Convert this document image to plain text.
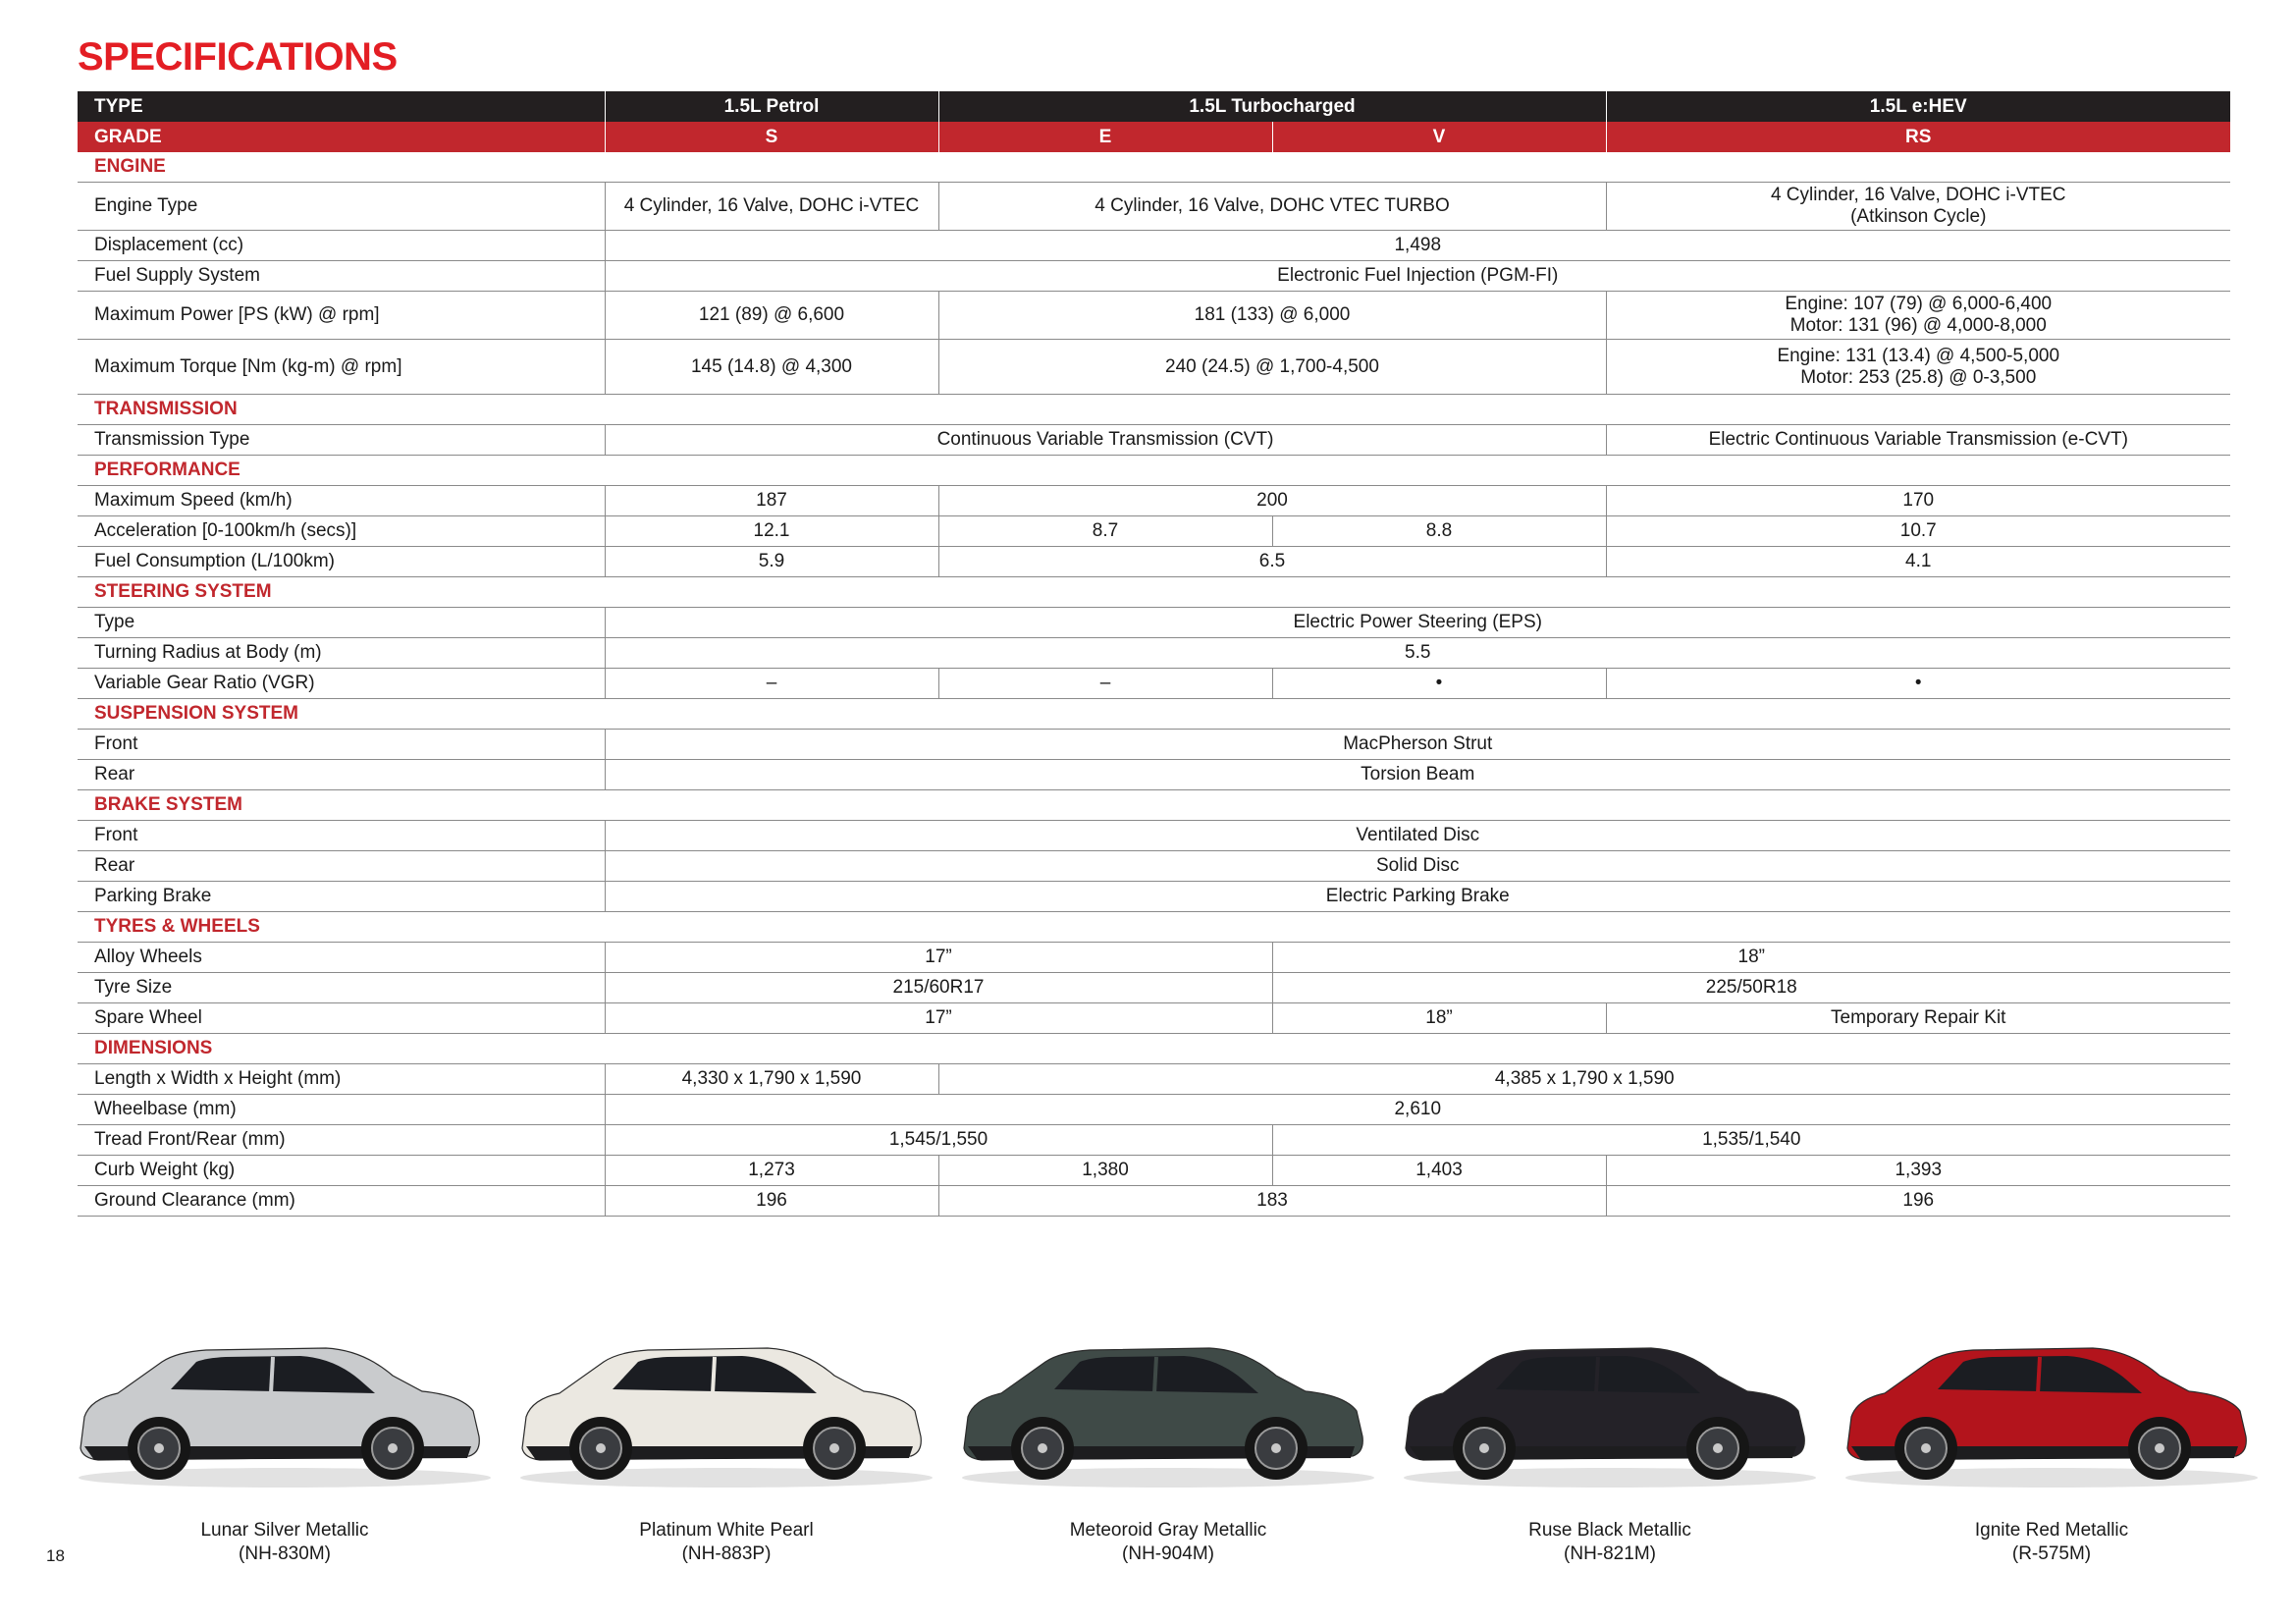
SPECIFICATIONS
TYPE	1.5L Petrol	1.5L Turbocharged		1.5L e:HEV
GRADE	S	E	V	RS
ENGINE				
Engine Type	4 Cylinder, 16 Valve, DOHC i-VTEC	4 Cylinder, 16 Valve, DOHC VTEC TURBO		4 Cylinder, 16 Valve, DOHC i-VTEC
(Atkinson Cycle)

Displacement (cc)	1,498			
Fuel Supply System	Electronic Fuel Injection (PGM-FI)			
Maximum Power [PS (kW) @ rpm]	121 (89) @ 6,600	181 (133) @ 6,000		Engine: 107 (79) @ 6,000-6,400
Motor: 131 (96) @ 4,000-8,000

Maximum Torque [Nm (kg-m) @ rpm]	145 (14.8) @ 4,300	240 (24.5) @ 1,700-4,500		Engine: 131 (13.4) @ 4,500-5,000
Motor: 253 (25.8) @ 0-3,500

TRANSMISSION				
Transmission Type	Continuous Variable Transmission (CVT)			Electric Continuous Variable Transmission (e-CVT)
PERFORMANCE				
Maximum Speed (km/h)	187	200		170
Acceleration [0-100km/h (secs)]	12.1	8.7	8.8	10.7
Fuel Consumption (L/100km)	5.9	6.5		4.1
STEERING SYSTEM				
Type	Electric Power Steering (EPS)			
Turning Radius at Body (m)	5.5			
Variable Gear Ratio (VGR)	–	–	•	•
SUSPENSION SYSTEM				
Front	MacPherson Strut			
Rear	Torsion Beam			
BRAKE SYSTEM				
Front	Ventilated Disc			
Rear	Solid Disc			
Parking Brake	Electric Parking Brake			
TYRES & WHEELS				
Alloy Wheels	17”		18”	
Tyre Size	215/60R17		225/50R18	
Spare Wheel	17”		18”	Temporary Repair Kit
DIMENSIONS				
Length x Width x Height (mm)	4,330 x 1,790 x 1,590	4,385 x 1,790 x 1,590		
Wheelbase (mm)	2,610			
Tread Front/Rear (mm)	1,545/1,550		1,535/1,540	
Curb Weight (kg)	1,273	1,380	1,403	1,393
Ground Clearance (mm)	196	183		196
Lunar Silver Metallic
(NH-830M)
Platinum White Pearl
(NH-883P)
Meteoroid Gray Metallic
(NH-904M)
Ruse Black Metallic
(NH-821M)
Ignite Red Metallic
(R-575M)
18
